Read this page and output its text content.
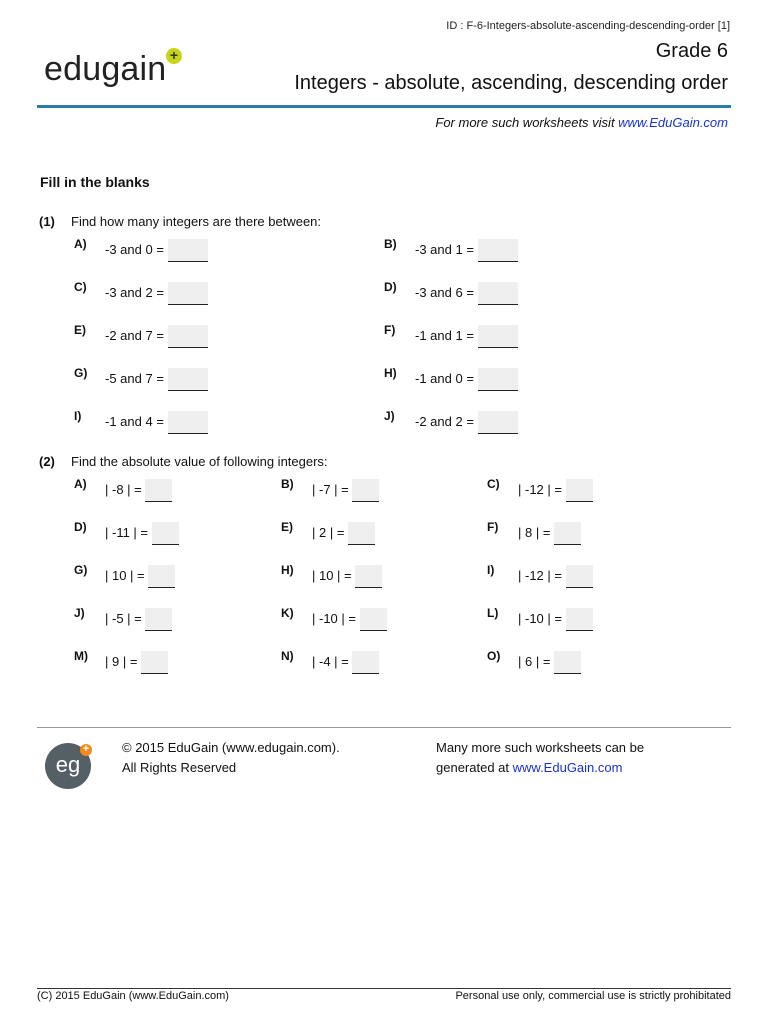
ID : F-6-Integers-absolute-ascending-descending-order [1]
edugain +	Grade 6
Integers - absolute, ascending, descending order
For more such worksheets visit www.EduGain.com
Fill in the blanks
(1) Find how many integers are there between:
A) -3 and 0 =	B) -3 and 1 =
C) -3 and 2 =	D) -3 and 6 =
E) -2 and 7 =	F) -1 and 1 =
G) -5 and 7 =	H) -1 and 0 =
I) -1 and 4 =	J) -2 and 2 =
(2) Find the absolute value of following integers:
A) | -8 | =	B) | -7 | =	C) | -12 | =
D) | -11 | =	E) | 2 | =	F) | 8 | =
G) | 10 | =	H) | 10 | =	I) | -12 | =
J) | -5 | =	K) | -10 | =	L) | -10 | =
M) | 9 | =	N) | -4 | =	O) | 6 | =
eg
+	© 2015 EduGain (www.edugain.com).
All Rights Reserved
Many more such worksheets can be
generated at www.EduGain.com
(C) 2015 EduGain (www.EduGain.com)	Personal use only, commercial use is strictly prohibitated
